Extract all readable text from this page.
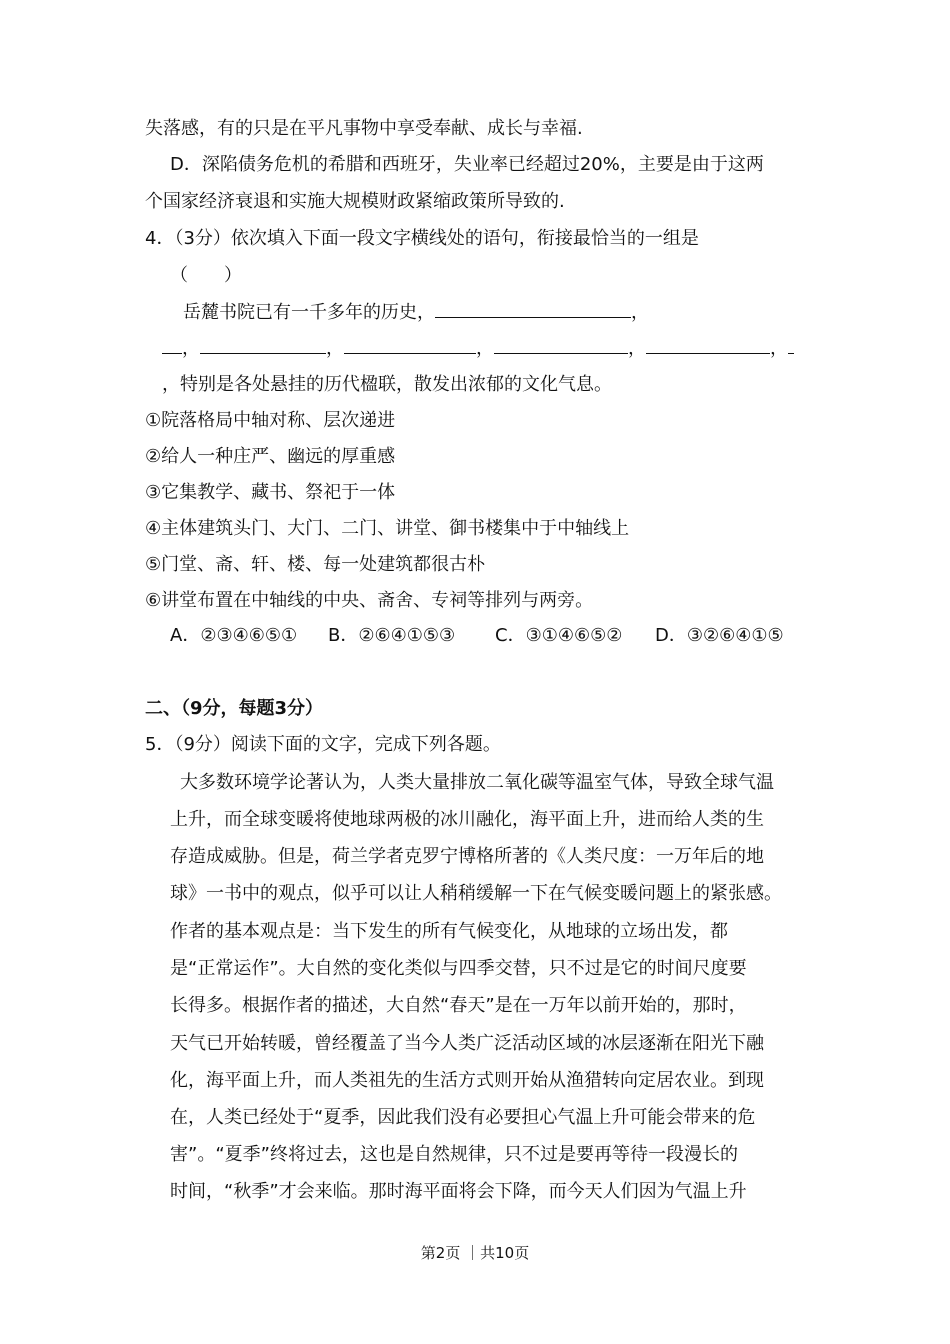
失落感，有的只是在平凡事物中享受奉献、成长与幸福.
D．深陷债务危机的希腊和西班牙，失业率已经超过20%，主要是由于这两
个国家经济衰退和实施大规模财政紧缩政策所导致的.
4．（3分）依次填入下面一段文字横线处的语句，衔接最恰当的一组是
（　　）
岳麓书院已有一千多年的历史，	，
，	，	，	，	，
，特别是各处悬挂的历代楹联，散发出浓郁的文化气息。
①院落格局中轴对称、层次递进
②给人一种庄严、幽远的厚重感
③它集教学、藏书、祭祀于一体
④主体建筑头门、大门、二门、讲堂、御书楼集中于中轴线上
⑤门堂、斋、轩、楼、每一处建筑都很古朴
⑥讲堂布置在中轴线的中央、斋舍、专祠等排列与两旁。
A．②③④⑥⑤① B．②⑥④①⑤③ C．③①④⑥⑤② D．③②⑥④①⑤
二、（9分，每题3分）
5．（9分）阅读下面的文字，完成下列各题。
大多数环境学论著认为，人类大量排放二氧化碳等温室气体，导致全球气温
上升，而全球变暖将使地球两极的冰川融化，海平面上升，进而给人类的生
存造成威胁。但是，荷兰学者克罗宁博格所著的《人类尺度：一万年后的地
球》一书中的观点，似乎可以让人稍稍缓解一下在气候变暖问题上的紧张感。
作者的基本观点是：当下发生的所有气候变化，从地球的立场出发，都
是“正常运作”。大自然的变化类似与四季交替，只不过是它的时间尺度要
长得多。根据作者的描述，大自然“春天”是在一万年以前开始的，那时，
天气已开始转暖，曾经覆盖了当今人类广泛活动区域的冰层逐渐在阳光下融
化，海平面上升，而人类祖先的生活方式则开始从渔猎转向定居农业。到现
在，人类已经处于“夏季，因此我们没有必要担心气温上升可能会带来的危
害”。“夏季”终将过去，这也是自然规律，只不过是要再等待一段漫长的
时间，“秋季”才会来临。那时海平面将会下降，而今天人们因为气温上升
第2页 ｜共10页
